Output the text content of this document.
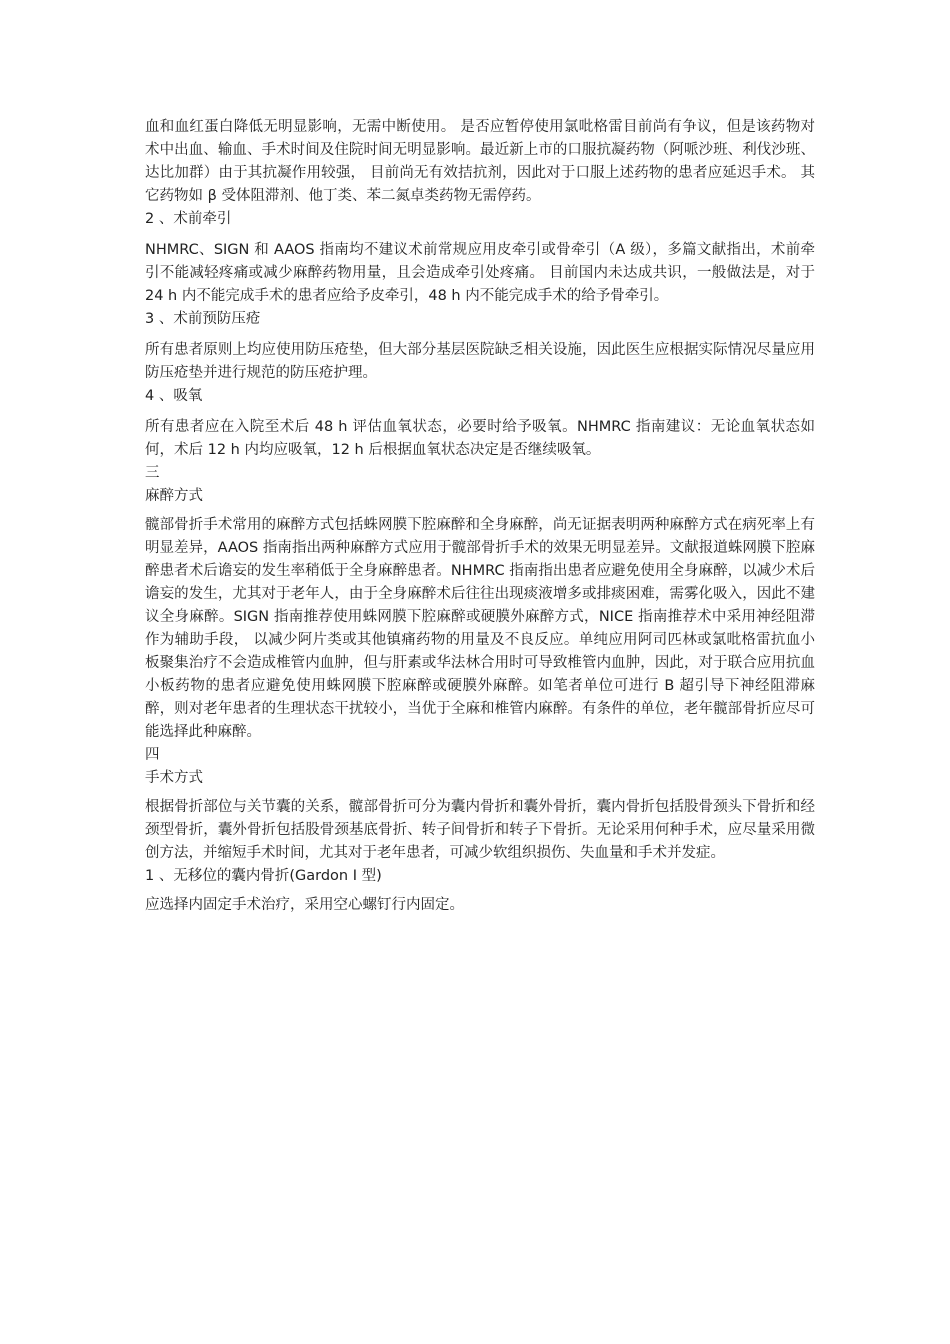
血和血红蛋白降低无明显影响，无需中断使用。 是否应暂停使用氯吡格雷目前尚有争议，但是该药物对术中出血、输血、手术时间及住院时间无明显影响。最近新上市的口服抗凝药物（阿哌沙班、利伐沙班、达比加群）由于其抗凝作用较强， 目前尚无有效拮抗剂，因此对于口服上述药物的患者应延迟手术。 其它药物如 β 受体阻滞剂、他丁类、苯二氮卓类药物无需停药。

2 、术前牵引

NHMRC、SIGN 和 AAOS 指南均不建议术前常规应用皮牵引或骨牵引（A 级），多篇文献指出，术前牵引不能减轻疼痛或减少麻醉药物用量，且会造成牵引处疼痛。 目前国内未达成共识，一般做法是，对于 24 h 内不能完成手术的患者应给予皮牵引，48 h 内不能完成手术的给予骨牵引。

3 、术前预防压疮

所有患者原则上均应使用防压疮垫，但大部分基层医院缺乏相关设施，因此医生应根据实际情况尽量应用防压疮垫并进行规范的防压疮护理。

4 、吸氧

所有患者应在入院至术后 48 h 评估血氧状态，必要时给予吸氧。NHMRC 指南建议：无论血氧状态如何，术后 12 h 内均应吸氧，12 h 后根据血氧状态决定是否继续吸氧。

三
麻醉方式

髋部骨折手术常用的麻醉方式包括蛛网膜下腔麻醉和全身麻醉，尚无证据表明两种麻醉方式在病死率上有明显差异，AAOS 指南指出两种麻醉方式应用于髋部骨折手术的效果无明显差异。文献报道蛛网膜下腔麻醉患者术后谵妄的发生率稍低于全身麻醉患者。NHMRC 指南指出患者应避免使用全身麻醉，以减少术后谵妄的发生，尤其对于老年人，由于全身麻醉术后往往出现痰液增多或排痰困难，需雾化吸入，因此不建议全身麻醉。SIGN 指南推荐使用蛛网膜下腔麻醉或硬膜外麻醉方式，NICE 指南推荐术中采用神经阻滞作为辅助手段， 以减少阿片类或其他镇痛药物的用量及不良反应。单纯应用阿司匹林或氯吡格雷抗血小板聚集治疗不会造成椎管内血肿，但与肝素或华法林合用时可导致椎管内血肿，因此，对于联合应用抗血小板药物的患者应避免使用蛛网膜下腔麻醉或硬膜外麻醉。如笔者单位可进行 B 超引导下神经阻滞麻醉，则对老年患者的生理状态干扰较小，当优于全麻和椎管内麻醉。有条件的单位，老年髋部骨折应尽可能选择此种麻醉。

四
手术方式

根据骨折部位与关节囊的关系，髋部骨折可分为囊内骨折和囊外骨折，囊内骨折包括股骨颈头下骨折和经颈型骨折，囊外骨折包括股骨颈基底骨折、转子间骨折和转子下骨折。无论采用何种手术，应尽量采用微创方法，并缩短手术时间，尤其对于老年患者，可减少软组织损伤、失血量和手术并发症。

1 、无移位的囊内骨折(Gardon Ⅰ 型)

应选择内固定手术治疗，采用空心螺钉行内固定。
